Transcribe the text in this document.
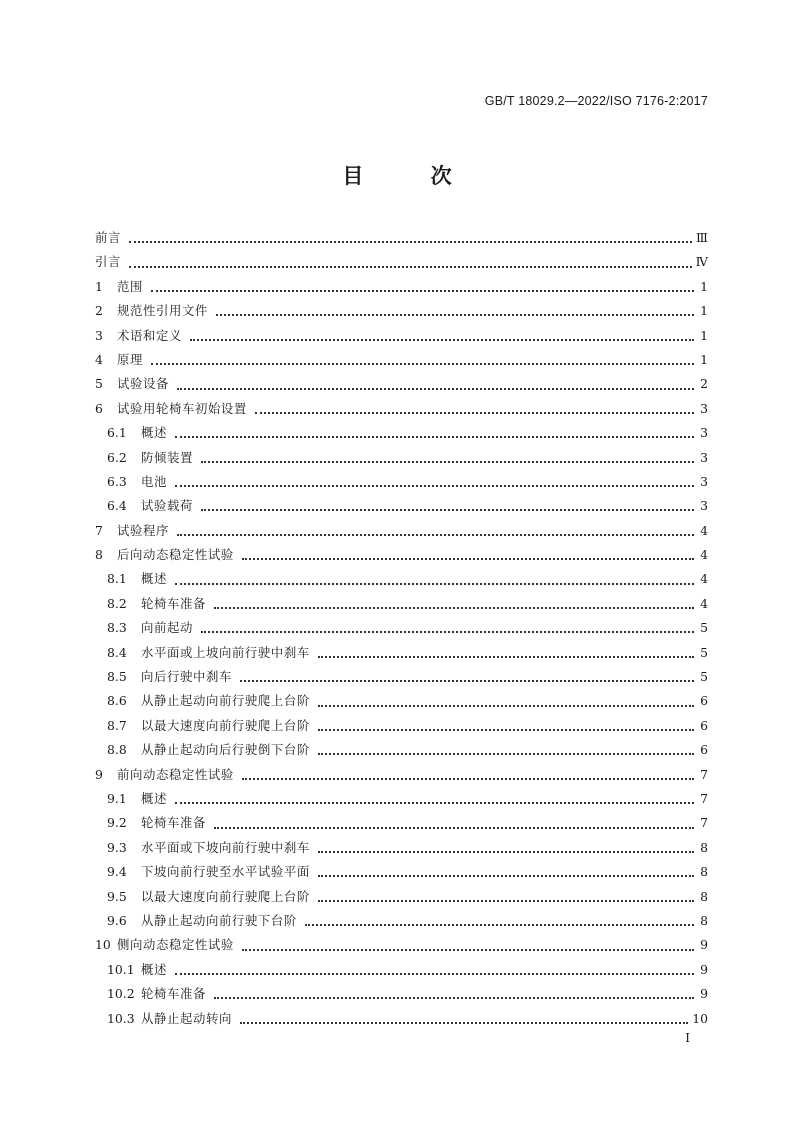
GB/T 18029.2—2022/ISO 7176-2:2017
目 次
前言	Ⅲ
引言	Ⅳ
1	范围	1
2	规范性引用文件	1
3	术语和定义	1
4	原理	1
5	试验设备	2
6	试验用轮椅车初始设置	3
6.1	概述	3
6.2	防倾装置	3
6.3	电池	3
6.4	试验载荷	3
7	试验程序	4
8	后向动态稳定性试验	4
8.1	概述	4
8.2	轮椅车准备	4
8.3	向前起动	5
8.4	水平面或上坡向前行驶中刹车	5
8.5	向后行驶中刹车	5
8.6	从静止起动向前行驶爬上台阶	6
8.7	以最大速度向前行驶爬上台阶	6
8.8	从静止起动向后行驶倒下台阶	6
9	前向动态稳定性试验	7
9.1	概述	7
9.2	轮椅车准备	7
9.3	水平面或下坡向前行驶中刹车	8
9.4	下坡向前行驶至水平试验平面	8
9.5	以最大速度向前行驶爬上台阶	8
9.6	从静止起动向前行驶下台阶	8
10 侧向动态稳定性试验	9
10.1 概述	9
10.2 轮椅车准备	9
10.3 从静止起动转向	10
I
